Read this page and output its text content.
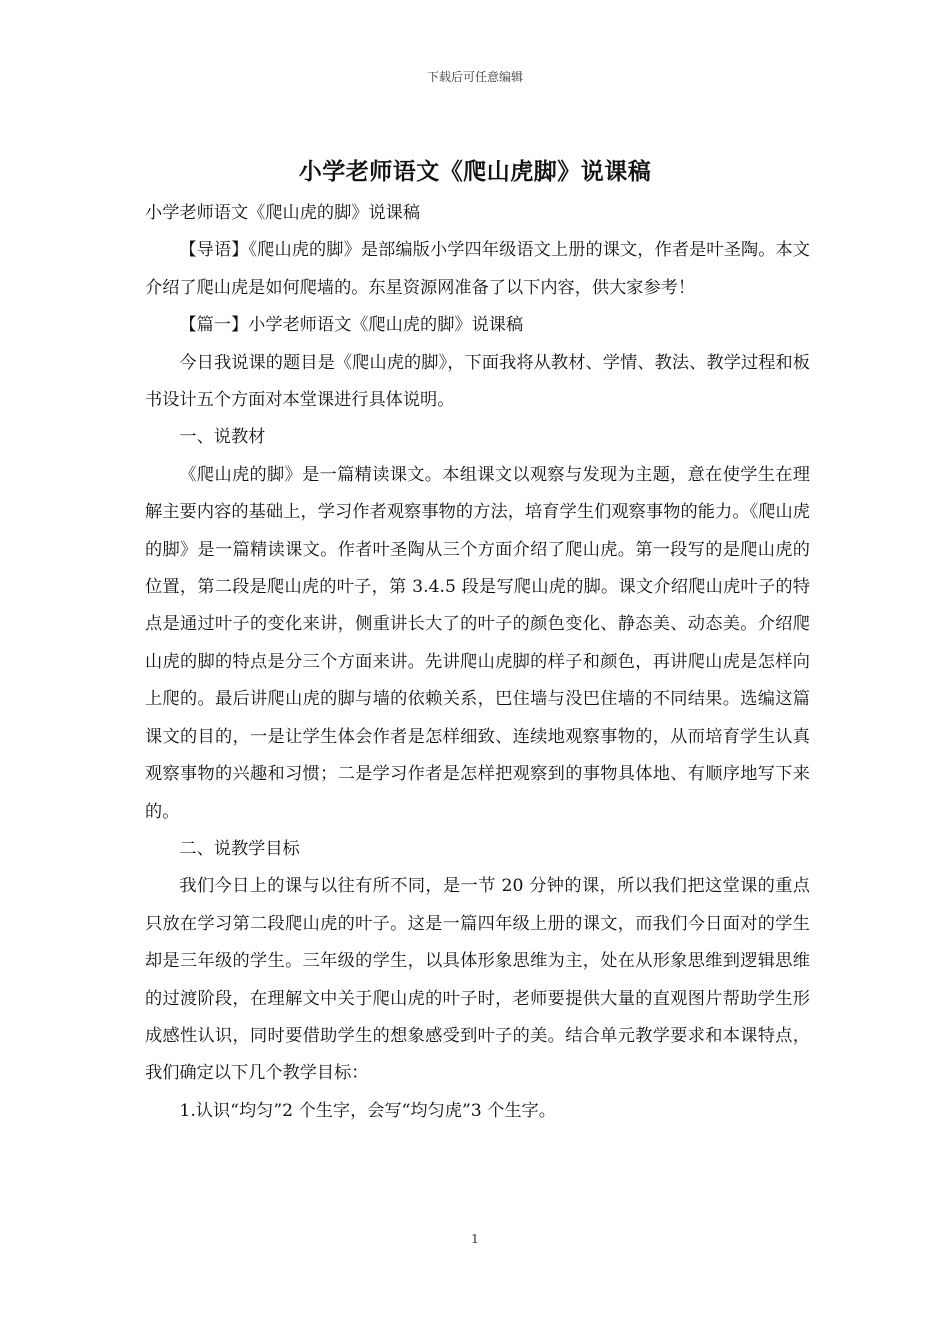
下载后可任意编辑
小学老师语文《爬山虎脚》说课稿

小学老师语文《爬山虎的脚》说课稿

【导语】《爬山虎的脚》是部编版小学四年级语文上册的课文，作者是叶圣陶。本文介绍了爬山虎是如何爬墙的。东星资源网准备了以下内容，供大家参考！

【篇一】小学老师语文《爬山虎的脚》说课稿

今日我说课的题目是《爬山虎的脚》，下面我将从教材、学情、教法、教学过程和板书设计五个方面对本堂课进行具体说明。

一、说教材

《爬山虎的脚》是一篇精读课文。本组课文以观察与发现为主题，意在使学生在理解主要内容的基础上，学习作者观察事物的方法，培育学生们观察事物的能力。《爬山虎的脚》是一篇精读课文。作者叶圣陶从三个方面介绍了爬山虎。第一段写的是爬山虎的位置，第二段是爬山虎的叶子，第 3.4.5 段是写爬山虎的脚。课文介绍爬山虎叶子的特点是通过叶子的变化来讲，侧重讲长大了的叶子的颜色变化、静态美、动态美。介绍爬山虎的脚的特点是分三个方面来讲。先讲爬山虎脚的样子和颜色，再讲爬山虎是怎样向上爬的。最后讲爬山虎的脚与墙的依赖关系，巴住墙与没巴住墙的不同结果。选编这篇课文的目的，一是让学生体会作者是怎样细致、连续地观察事物的，从而培育学生认真观察事物的兴趣和习惯；二是学习作者是怎样把观察到的事物具体地、有顺序地写下来的。

二、说教学目标

我们今日上的课与以往有所不同，是一节 20 分钟的课，所以我们把这堂课的重点只放在学习第二段爬山虎的叶子。这是一篇四年级上册的课文，而我们今日面对的学生却是三年级的学生。三年级的学生，以具体形象思维为主，处在从形象思维到逻辑思维的过渡阶段，在理解文中关于爬山虎的叶子时，老师要提供大量的直观图片帮助学生形成感性认识，同时要借助学生的想象感受到叶子的美。结合单元教学要求和本课特点，我们确定以下几个教学目标：

1.认识“均匀”2 个生字，会写“均匀虎”3 个生字。

1
